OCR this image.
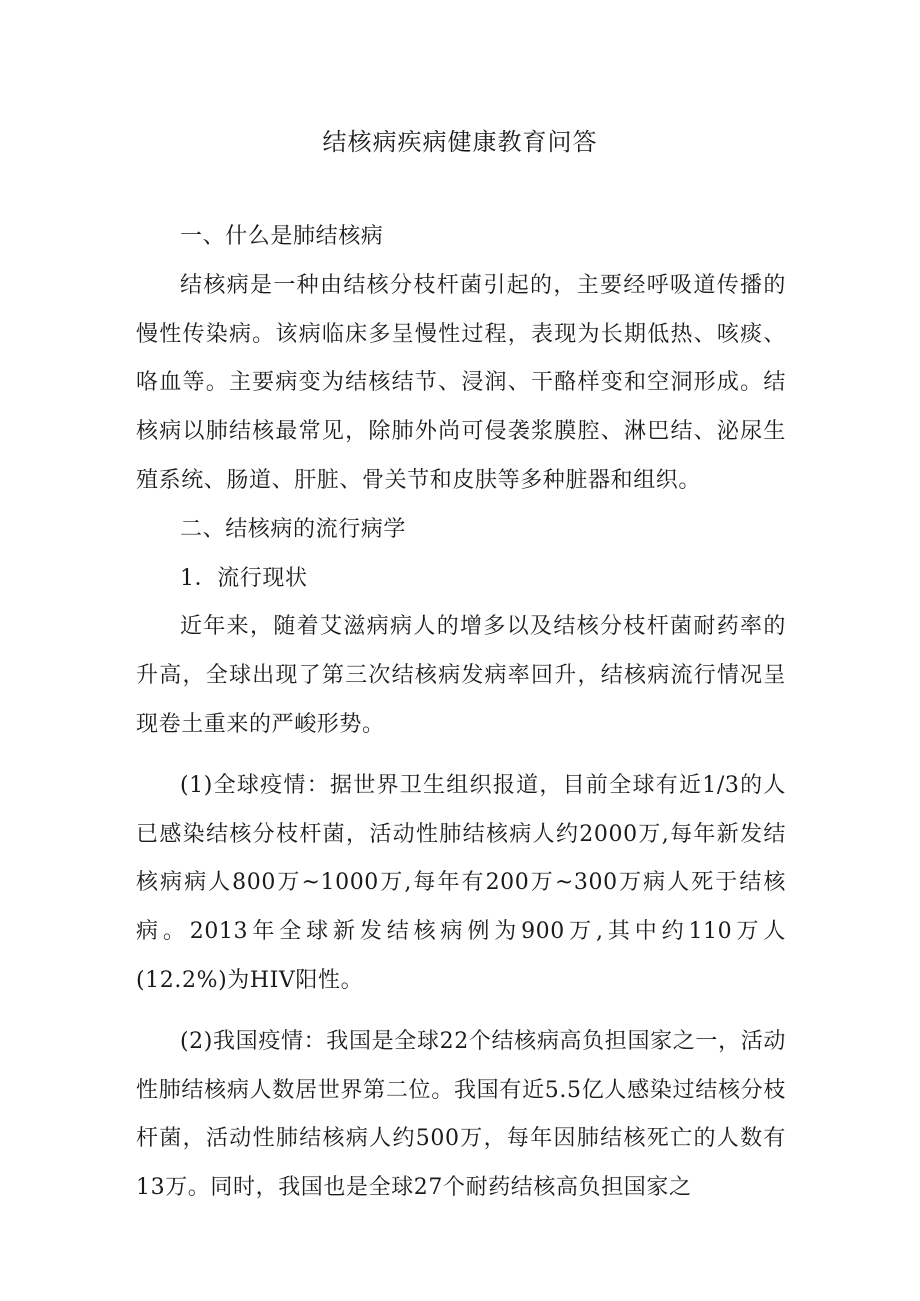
结核病疾病健康教育问答

一、什么是肺结核病

结核病是一种由结核分枝杆菌引起的，主要经呼吸道传播的慢性传染病。该病临床多呈慢性过程，表现为长期低热、咳痰、咯血等。主要病变为结核结节、浸润、干酪样变和空洞形成。结核病以肺结核最常见，除肺外尚可侵袭浆膜腔、淋巴结、泌尿生殖系统、肠道、肝脏、骨关节和皮肤等多种脏器和组织。

二、结核病的流行病学

1．流行现状

近年来，随着艾滋病病人的增多以及结核分枝杆菌耐药率的升高，全球出现了第三次结核病发病率回升，结核病流行情况呈现卷土重来的严峻形势。

(1)全球疫情：据世界卫生组织报道，目前全球有近1/3的人已感染结核分枝杆菌，活动性肺结核病人约2000万,每年新发结核病病人800万~1000万,每年有200万~300万病人死于结核病。2013年全球新发结核病例为900万,其中约110万人(12.2%)为HIV阳性。

(2)我国疫情：我国是全球22个结核病高负担国家之一，活动性肺结核病人数居世界第二位。我国有近5.5亿人感染过结核分枝杆菌，活动性肺结核病人约500万，每年因肺结核死亡的人数有13万。同时，我国也是全球27个耐药结核高负担国家之
